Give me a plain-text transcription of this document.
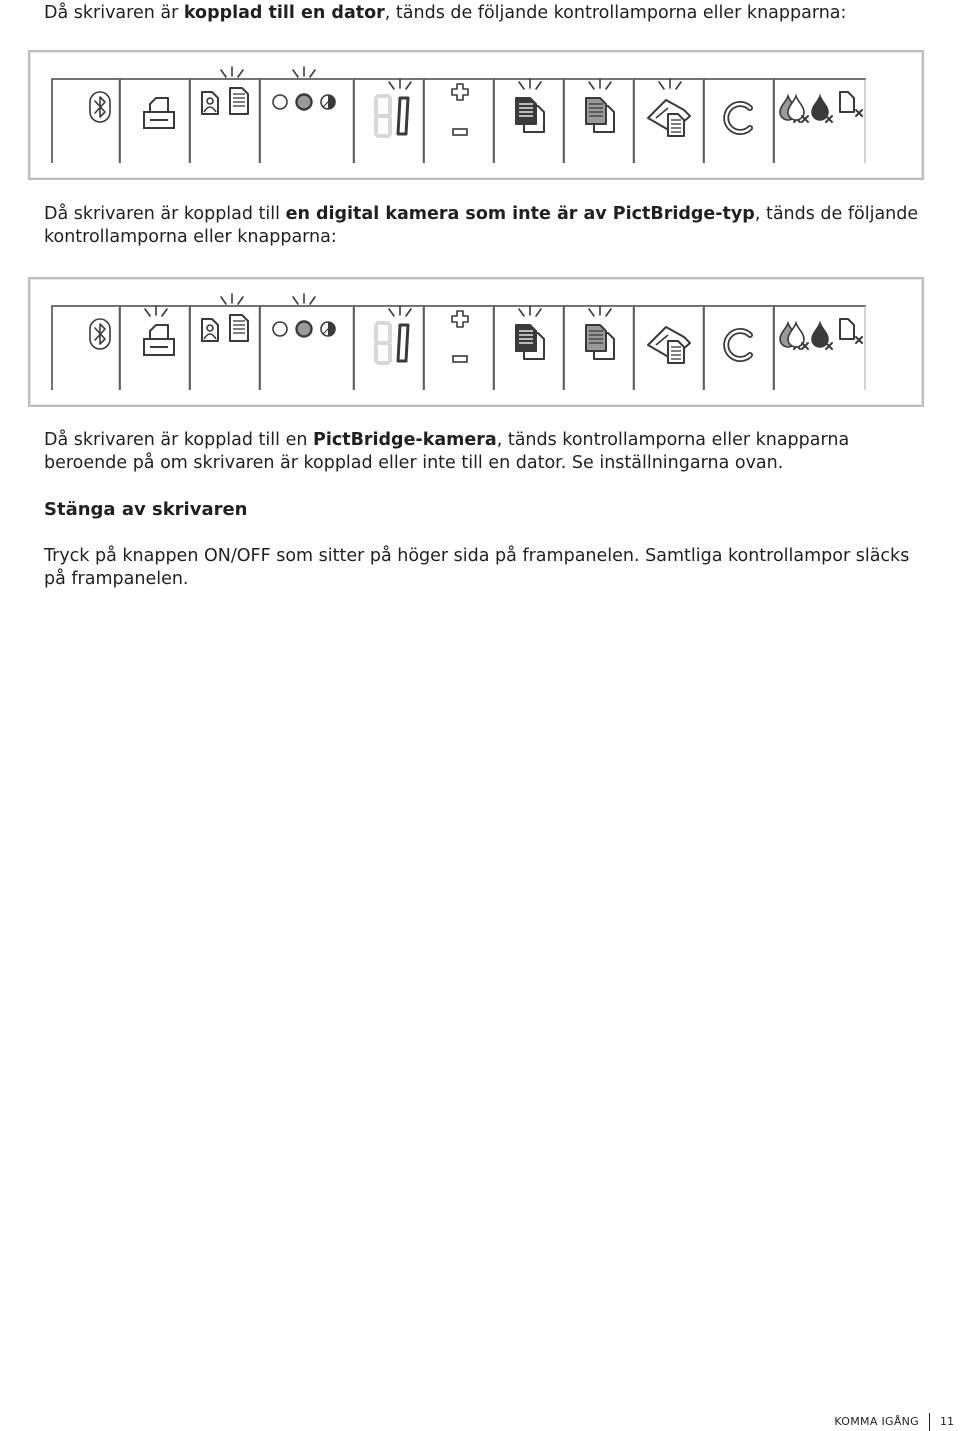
Då skrivaren är kopplad till en dator, tänds de följande kontrollamporna eller knapparna:

Då skrivaren är kopplad till en digital kamera som inte är av PictBridge-typ, tänds de följande kontrollamporna eller knapparna:

Då skrivaren är kopplad till en PictBridge-kamera, tänds kontrollamporna eller knapparna beroende på om skrivaren är kopplad eller inte till en dator. Se inställningarna ovan.

Stänga av skrivaren

Tryck på knappen ON/OFF som sitter på höger sida på frampanelen. Samtliga kontrollampor släcks på frampanelen.

KOMMA IGÅNG	11
